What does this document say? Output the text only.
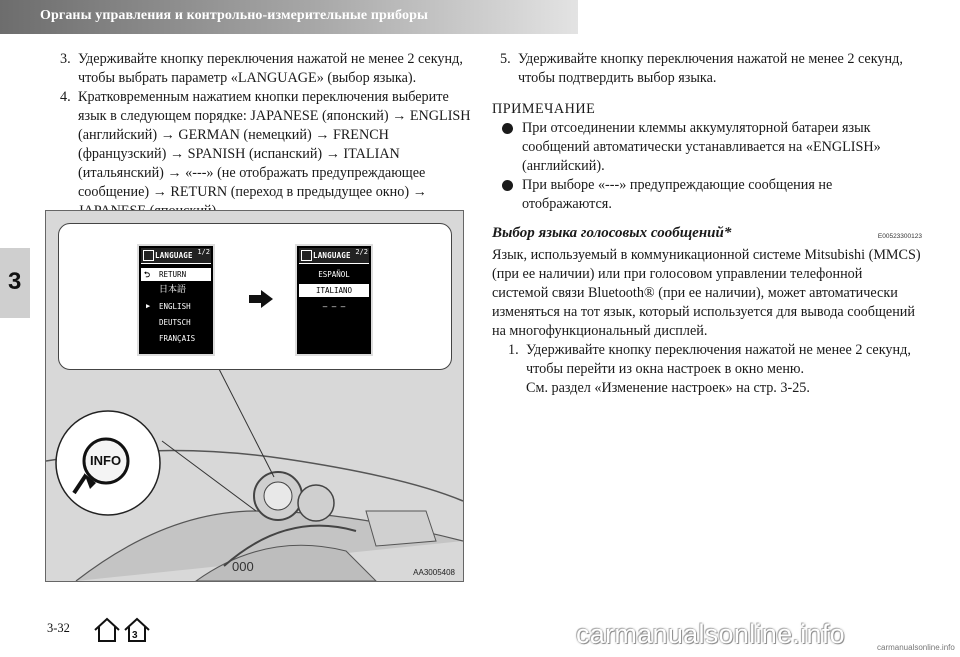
Органы управления и контрольно-измерительные приборы
3
3. Удерживайте кнопку переключения нажатой не менее 2 секунд, чтобы выбрать параметр «LANGUAGE» (выбор языка).
4. Кратковременным нажатием кнопки переключения выберите язык в следующем порядке: JAPANESE (японский) → ENGLISH (английский) → GERMAN (немецкий) → FRENCH (французский) → SPANISH (испанский) → ITALIAN (итальянский) → «---» (не отображать предупреждающее сообщение) → RETURN (переход в предыдущее окно) →
000
INFO
LANGUAGE 1/2
⮌ RETURN
日本語
▶ ENGLISH
DEUTSCH
FRANÇAIS
LANGUAGE 2/2
ESPAÑOL
ITALIANO
— — —
AA3005408
5. Удерживайте кнопку переключения нажатой не менее 2 секунд, чтобы подтвердить выбор языка.
ПРИМЕЧАНИЕ
При отсоединении клеммы аккумуляторной батареи язык сообщений автоматически устанавливается на «ENGLISH» (английский).
При выборе «---» предупреждающие сообщения не отображаются.
Выбор языка голосовых сообщений*	E00523300123
Язык, используемый в коммуникационной системе Mitsubishi (MMCS) (при ее наличии) или при голосовом управлении телефонной системой связи Bluetooth® (при ее наличии), может автоматически изменяться на тот язык, который используется для вывода сообщений на многофункциональный дисплей.
1. Удерживайте кнопку переключения нажатой не менее 2 секунд, чтобы перейти из окна настроек в окно меню.
См. раздел «Изменение настроек» на стр. 3-25.
3-32
3	carmanualsonline.info	carmanualsonline.info
